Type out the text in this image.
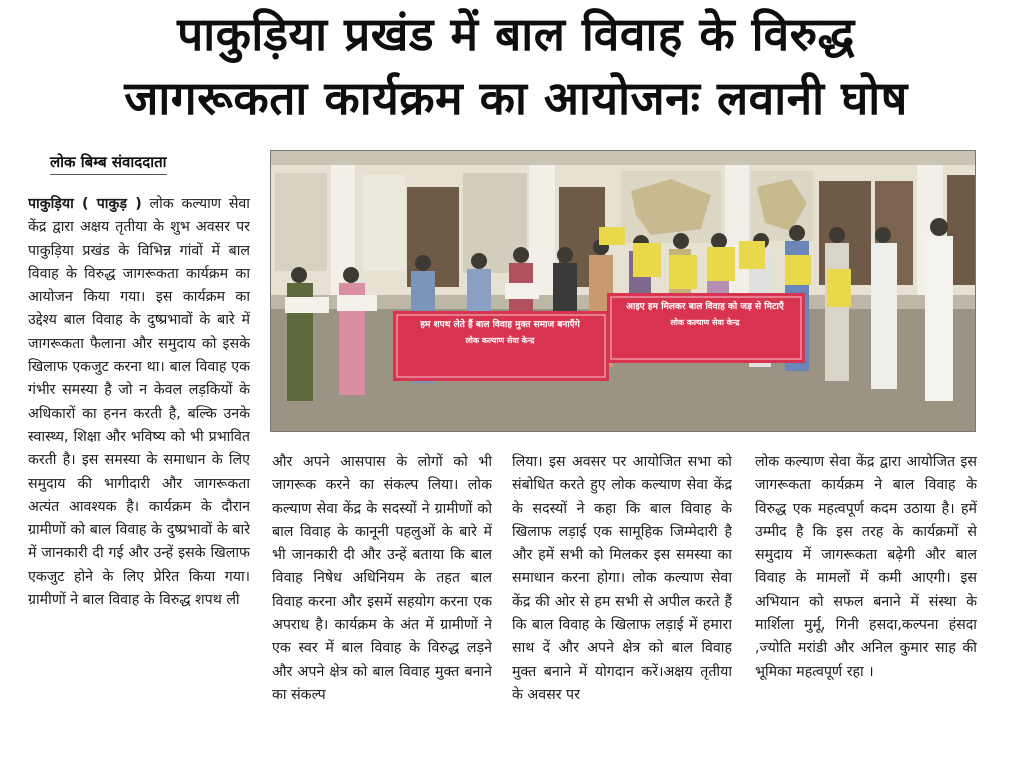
पाकुड़िया प्रखंड में बाल विवाह के विरुद्ध
जागरूकता कार्यक्रम का आयोजनः लवानी घोष
लोक बिम्ब संवाददाता
हम शपथ लेते हैं बाल विवाह मुक्त समाज बनाएँगे
लोक कल्याण सेवा केन्द्र
आइए हम मिलकर बाल विवाह को जड़ से मिटाएँ
लोक कल्याण सेवा केन्द्र
पाकुड़िया ( पाकुड़ ) लोक कल्याण सेवा केंद्र द्वारा अक्षय तृतीया के शुभ अवसर पर पाकुड़िया प्रखंड के विभिन्न गांवों में बाल विवाह के विरुद्ध जागरूकता कार्यक्रम का आयोजन किया गया। इस कार्यक्रम का उद्देश्य बाल विवाह के दुष्प्रभावों के बारे में जागरूकता फैलाना और समुदाय को इसके खिलाफ एकजुट करना था। बाल विवाह एक गंभीर समस्या है जो न केवल लड़कियों के अधिकारों का हनन करती है, बल्कि उनके स्वास्थ्य, शिक्षा और भविष्य को भी प्रभावित करती है। इस समस्या के समाधान के लिए समुदाय की भागीदारी और जागरूकता अत्यंत आवश्यक है। कार्यक्रम के दौरान ग्रामीणों को बाल विवाह के दुष्प्रभावों के बारे में जानकारी दी गई और उन्हें इसके खिलाफ एकजुट होने के लिए प्रेरित किया गया। ग्रामीणों ने बाल विवाह के विरुद्ध शपथ ली
और अपने आसपास के लोगों को भी जागरूक करने का संकल्प लिया। लोक कल्याण सेवा केंद्र के सदस्यों ने ग्रामीणों को बाल विवाह के कानूनी पहलुओं के बारे में भी जानकारी दी और उन्हें बताया कि बाल विवाह निषेध अधिनियम के तहत बाल विवाह करना और इसमें सहयोग करना एक अपराध है। कार्यक्रम के अंत में ग्रामीणों ने एक स्वर में बाल विवाह के विरुद्ध लड़ने और अपने क्षेत्र को बाल विवाह मुक्त बनाने का संकल्प
लिया। इस अवसर पर आयोजित सभा को संबोधित करते हुए लोक कल्याण सेवा केंद्र के सदस्यों ने कहा कि बाल विवाह के खिलाफ लड़ाई एक सामूहिक जिम्मेदारी है और हमें सभी को मिलकर इस समस्या का समाधान करना होगा। लोक कल्याण सेवा केंद्र की ओर से हम सभी से अपील करते हैं कि बाल विवाह के खिलाफ लड़ाई में हमारा साथ दें और अपने क्षेत्र को बाल विवाह मुक्त बनाने में योगदान करें।अक्षय तृतीया के अवसर पर
लोक कल्याण सेवा केंद्र द्वारा आयोजित इस जागरूकता कार्यक्रम ने बाल विवाह के विरुद्ध एक महत्वपूर्ण कदम उठाया है। हमें उम्मीद है कि इस तरह के कार्यक्रमों से समुदाय में जागरूकता बढ़ेगी और बाल विवाह के मामलों में कमी आएगी। इस अभियान को सफल बनाने में संस्था के मार्शिला मुर्मू, गिनी हसदा,कल्पना हंसदा ,ज्योति मरांडी और अनिल कुमार साह की भूमिका महत्वपूर्ण रहा ।
